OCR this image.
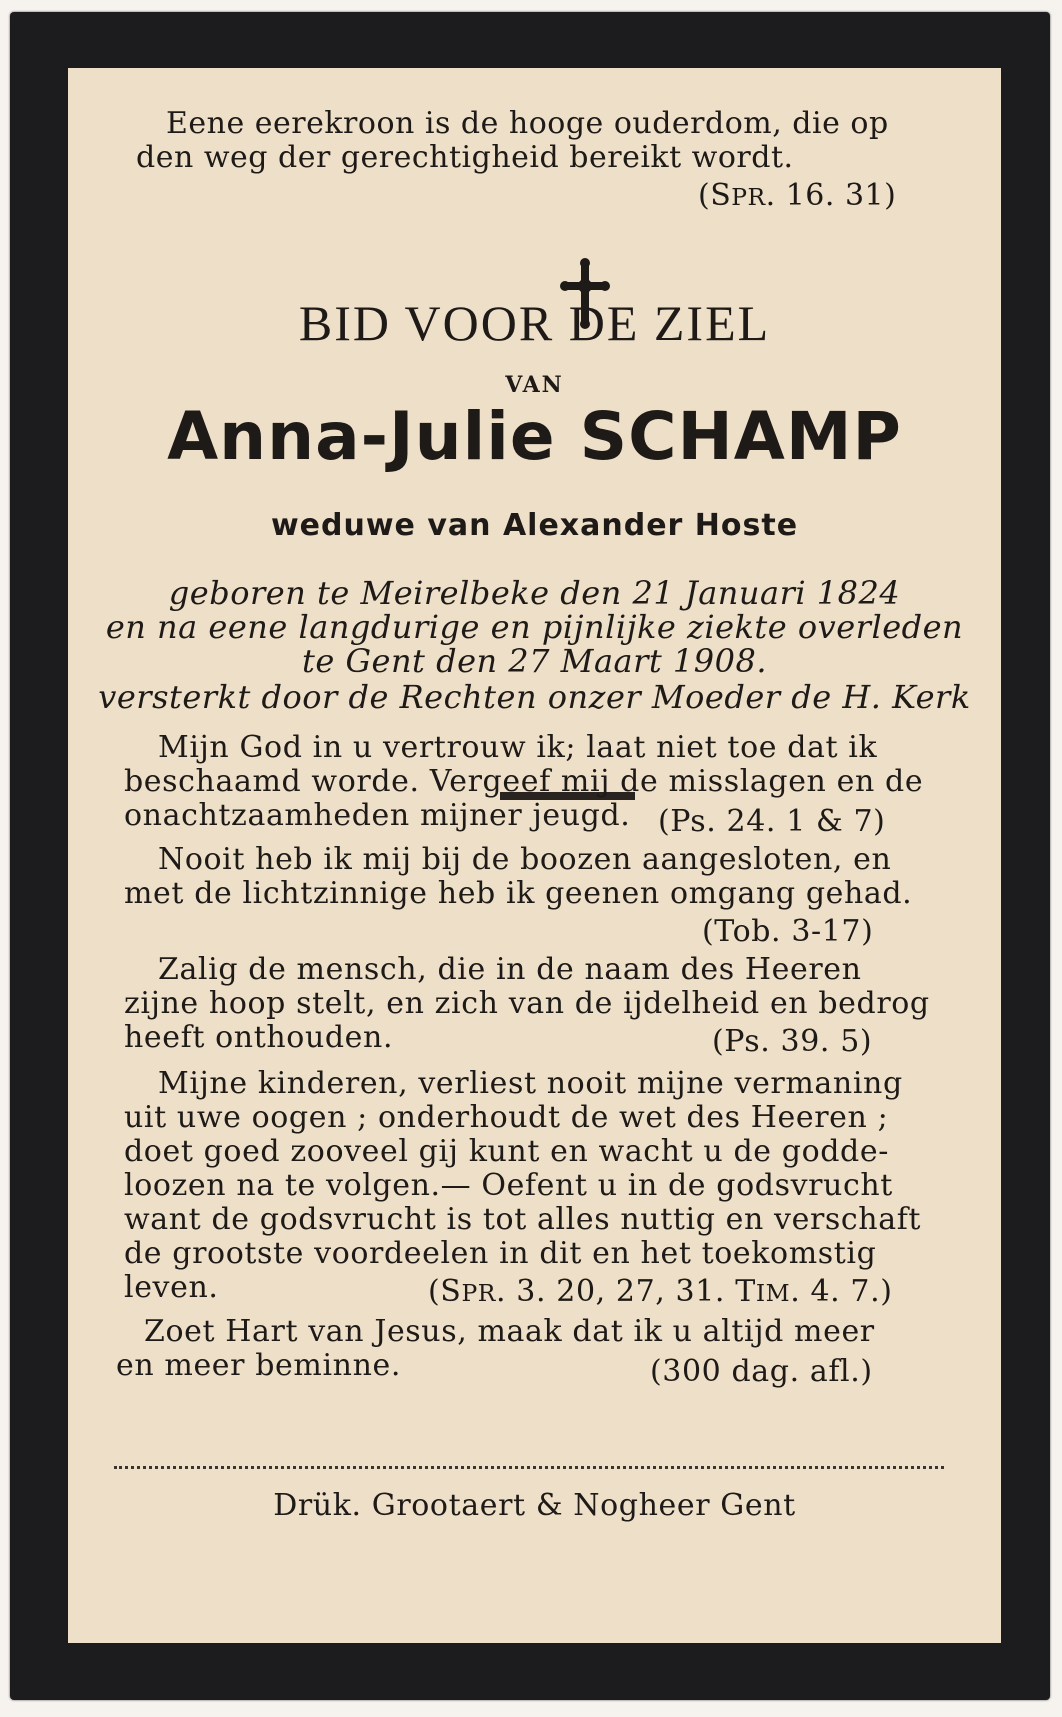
Eene eerekroon is de hooge ouderdom, die op
den weg der gerechtigheid bereikt wordt.
(SPR. 16. 31)
BID VOOR DE ZIEL
VAN
Anna-Julie SCHAMP
weduwe van Alexander Hoste
geboren te Meirelbeke den 21 Januari 1824
en na eene langdurige en pijnlijke ziekte overleden
te Gent den 27 Maart 1908.
versterkt door de Rechten onzer Moeder de H. Kerk
Mijn God in u vertrouw ik; laat niet toe dat ik
beschaamd worde. Vergeef mij de misslagen en de
onachtzaamheden mijner jeugd. (Ps. 24. 1 & 7)
Nooit heb ik mij bij de boozen aangesloten, en
met de lichtzinnige heb ik geenen omgang gehad.
(Tob. 3-17)
Zalig de mensch, die in de naam des Heeren
zijne hoop stelt, en zich van de ijdelheid en bedrog
heeft onthouden.	(Ps. 39. 5)
Mijne kinderen, verliest nooit mijne vermaning
uit uwe oogen ; onderhoudt de wet des Heeren ;
doet goed zooveel gij kunt en wacht u de godde-
loozen na te volgen.— Oefent u in de godsvrucht
want de godsvrucht is tot alles nuttig en verschaft
de grootste voordeelen in dit en het toekomstig
leven.	(SPR. 3. 20, 27, 31. TIM. 4. 7.)
Zoet Hart van Jesus, maak dat ik u altijd meer
en meer beminne.	(300 dag. afl.)
Drük. Grootaert & Nogheer Gent
